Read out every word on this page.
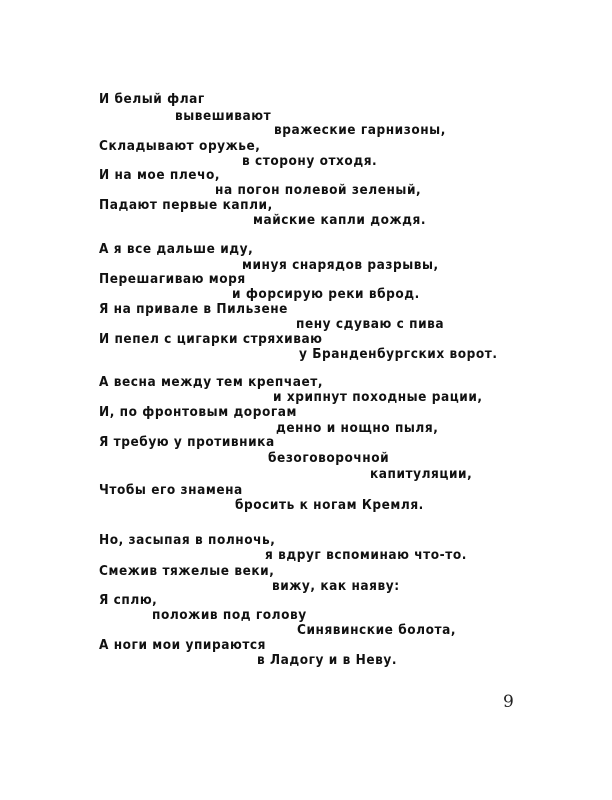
И белый флаг
вывешивают
вражеские гарнизоны,
Складывают оружье,
в сторону отходя.
И на мое плечо,
на погон полевой зеленый,
Падают первые капли,
майские капли дождя.
А я все дальше иду,
минуя снарядов разрывы,
Перешагиваю моря
и форсирую реки вброд.
Я на привале в Пильзене
пену сдуваю с пива
И пепел с цигарки стряхиваю
у Бранденбургских ворот.
А весна между тем крепчает,
и хрипнут походные рации,
И, по фронтовым дорогам
денно и нощно пыля,
Я требую у противника
безоговорочной
капитуляции,
Чтобы его знамена
бросить к ногам Кремля.
Но, засыпая в полночь,
я вдруг вспоминаю что-то.
Смежив тяжелые веки,
вижу, как наяву:
Я сплю,
положив под голову
Синявинские болота,
А ноги мои упираются
в Ладогу и в Неву.
9
